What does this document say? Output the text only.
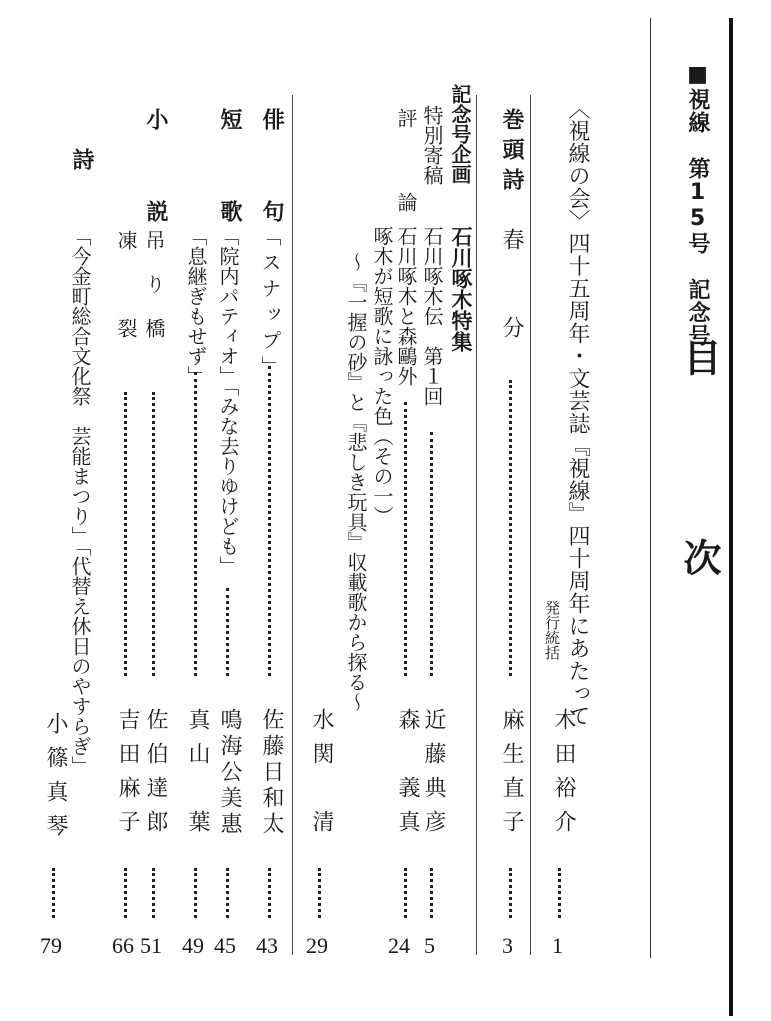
■視線　第15号　記念号
目
次
〈視線の会〉四十五周年・文芸誌『視線』四十周年にあたって
発行統括
木田裕介
1
巻頭詩
春　分
麻生直子
3
記念号企画
石川啄木特集
特別寄稿
石川啄木伝　第１回
近藤典彦
5
評　論
石川啄木と森鷗外
森　義真
24
啄木が短歌に詠った色（その一）
〜『一握の砂』と『悲しき玩具』収載歌から探る〜
水関　清
29
俳　句
「スナップ」
佐藤日和太
43
短　歌
「院内パティオ」「みな去りゆけども」
鳴海公美惠
45
「息継ぎもせず」
真山　葉
49
小　説
吊り橋
佐伯達郎
51
凍　裂
吉田麻子
66
詩
「今金町総合文化祭　芸能まつり」「代替え休日のやすらぎ」
小篠真琴
79
